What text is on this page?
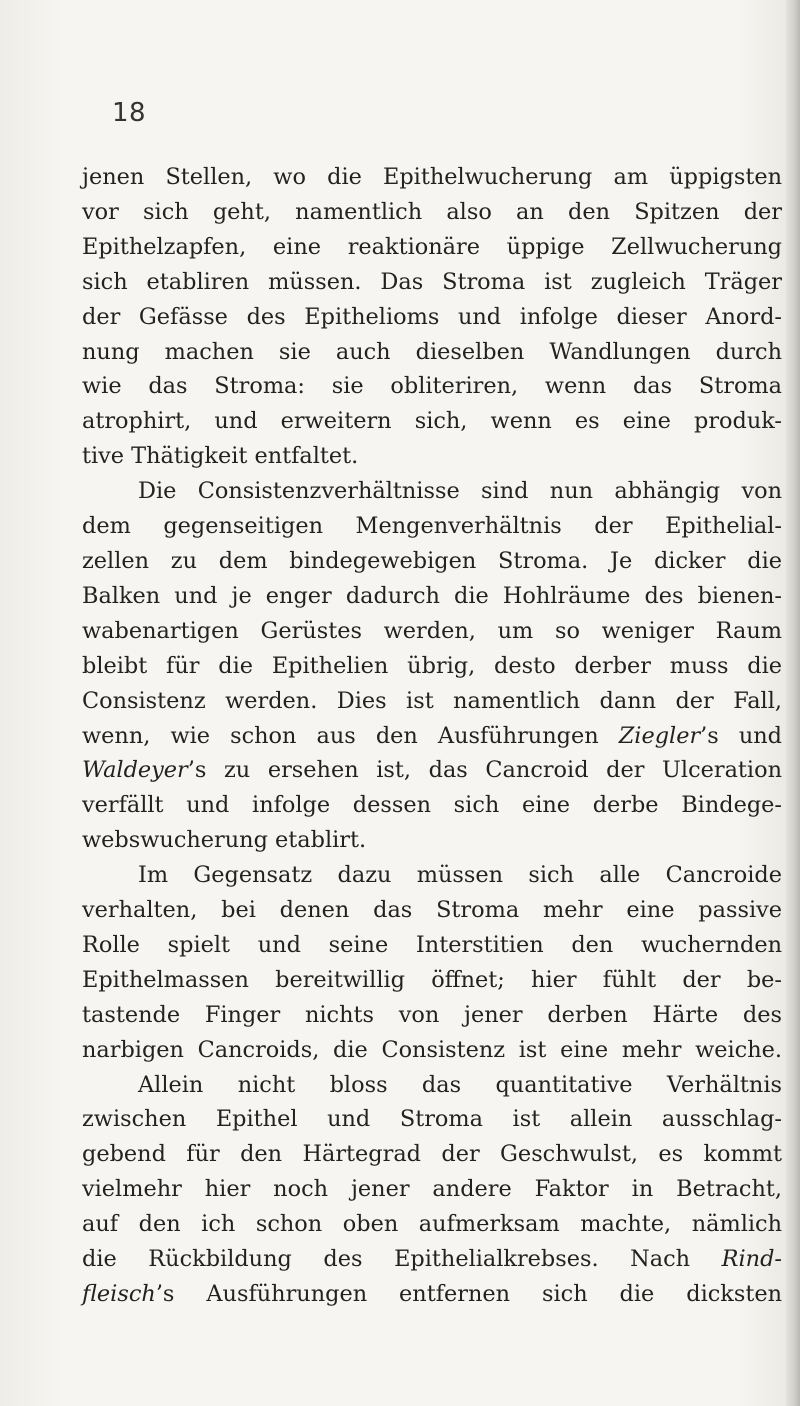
18
jenen Stellen, wo die Epithelwucherung am üppigsten
vor sich geht, namentlich also an den Spitzen der
Epithelzapfen, eine reaktionäre üppige Zellwucherung
sich etabliren müssen. Das Stroma ist zugleich Träger
der Gefässe des Epithelioms und infolge dieser Anord-
nung machen sie auch dieselben Wandlungen durch
wie das Stroma: sie obliteriren, wenn das Stroma
atrophirt, und erweitern sich, wenn es eine produk-
tive Thätigkeit entfaltet.
Die Consistenzverhältnisse sind nun abhängig von
dem gegenseitigen Mengenverhältnis der Epithelial-
zellen zu dem bindegewebigen Stroma. Je dicker die
Balken und je enger dadurch die Hohlräume des bienen-
wabenartigen Gerüstes werden, um so weniger Raum
bleibt für die Epithelien übrig, desto derber muss die
Consistenz werden. Dies ist namentlich dann der Fall,
wenn, wie schon aus den Ausführungen Ziegler’s und
Waldeyer’s zu ersehen ist, das Cancroid der Ulceration
verfällt und infolge dessen sich eine derbe Bindege-
webswucherung etablirt.
Im Gegensatz dazu müssen sich alle Cancroide
verhalten, bei denen das Stroma mehr eine passive
Rolle spielt und seine Interstitien den wuchernden
Epithelmassen bereitwillig öffnet; hier fühlt der be-
tastende Finger nichts von jener derben Härte des
narbigen Cancroids, die Consistenz ist eine mehr weiche.
Allein nicht bloss das quantitative Verhältnis
zwischen Epithel und Stroma ist allein ausschlag-
gebend für den Härtegrad der Geschwulst, es kommt
vielmehr hier noch jener andere Faktor in Betracht,
auf den ich schon oben aufmerksam machte, nämlich
die Rückbildung des Epithelialkrebses. Nach Rind-
fleisch’s Ausführungen entfernen sich die dicksten
